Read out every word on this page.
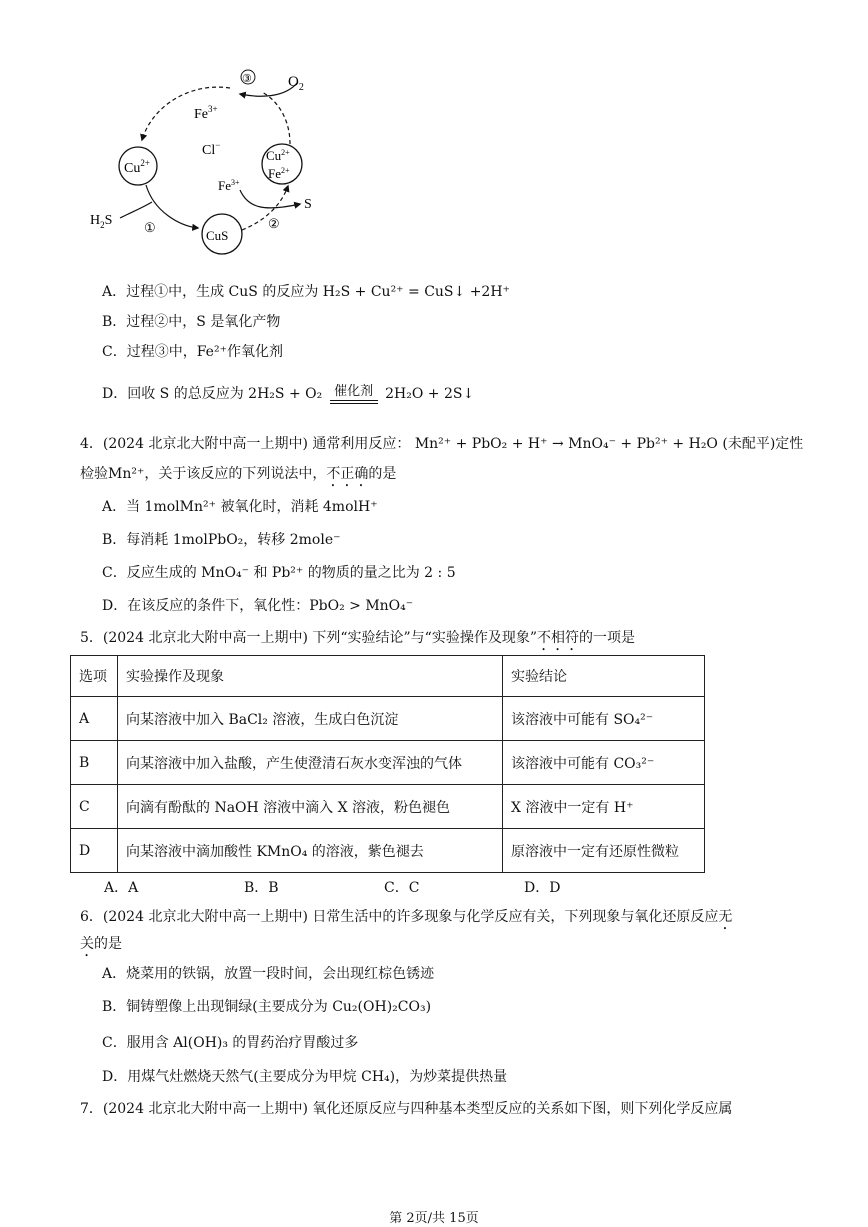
$O_2$
③
$Fe^{3+}$
Cl−
$Cu^{2+}$	$Cu^{2+}$
$Fe^{2+}$
$Fe^{3+}$
S
$H_2S$
①	CuS
②
A．过程①中，生成 CuS 的反应为 H₂S + Cu²⁺ = CuS↓ +2H⁺
B．过程②中，S 是氧化产物
C．过程③中，Fe²⁺作氧化剂
D．回收 S 的总反应为 2H₂S + O₂ 催化剂 2H₂O + 2S↓
4．(2024 北京北大附中高一上期中) 通常利用反应： Mn²⁺ + PbO₂ + H⁺ → MnO₄⁻ + Pb²⁺ + H₂O (未配平)定性
检验Mn²⁺，关于该反应的下列说法中，不正确的是
A．当 1molMn²⁺ 被氧化时，消耗 4molH⁺
B．每消耗 1molPbO₂，转移 2mole⁻
C．反应生成的 MnO₄⁻ 和 Pb²⁺ 的物质的量之比为 2 : 5
D．在该反应的条件下，氧化性：PbO₂ > MnO₄⁻
5．(2024 北京北大附中高一上期中) 下列“实验结论”与“实验操作及现象”不相符的一项是
选项	实验操作及现象	实验结论
A	向某溶液中加入 BaCl₂ 溶液，生成白色沉淀	该溶液中可能有 SO₄²⁻
B	向某溶液中加入盐酸，产生使澄清石灰水变浑浊的气体	该溶液中可能有 CO₃²⁻
C	向滴有酚酞的 NaOH 溶液中滴入 X 溶液，粉色褪色	X 溶液中一定有 H⁺
D	向某溶液中滴加酸性 KMnO₄ 的溶液，紫色褪去	原溶液中一定有还原性微粒
A．A	B．B	C．C	D．D
6．(2024 北京北大附中高一上期中) 日常生活中的许多现象与化学反应有关，下列现象与氧化还原反应无
关的是
A．烧菜用的铁锅，放置一段时间，会出现红棕色锈迹
B．铜铸塑像上出现铜绿(主要成分为 Cu₂(OH)₂CO₃)
C．服用含 Al(OH)₃ 的胃药治疗胃酸过多
D．用煤气灶燃烧天然气(主要成分为甲烷 CH₄)，为炒菜提供热量
7．(2024 北京北大附中高一上期中) 氧化还原反应与四种基本类型反应的关系如下图，则下列化学反应属
第 2页/共 15页
